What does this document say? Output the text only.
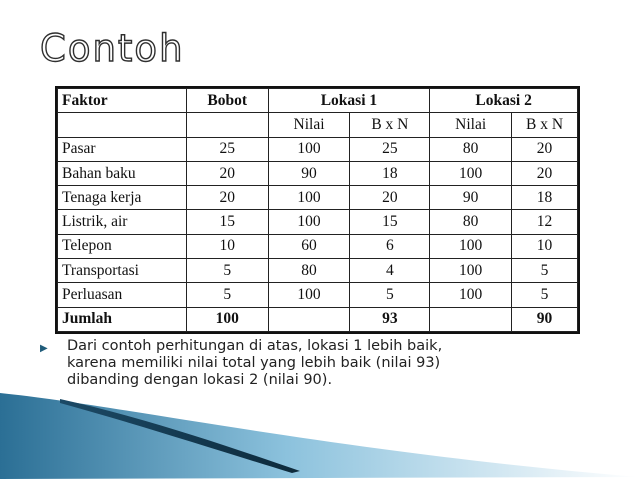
Contoh
Faktor	Bobot	Lokasi 1		Lokasi 2	
		Nilai	B x N	Nilai	B x N
Pasar	25	100	25	80	20
Bahan baku	20	90	18	100	20
Tenaga kerja	20	100	20	90	18
Listrik, air	15	100	15	80	12
Telepon	10	60	6	100	10
Transportasi	5	80	4	100	5
Perluasan	5	100	5	100	5
Jumlah	100		93		90
▶ Dari contoh perhitungan di atas, lokasi 1 lebih baik,
karena memiliki nilai total yang lebih baik (nilai 93)
dibanding dengan lokasi 2 (nilai 90).
